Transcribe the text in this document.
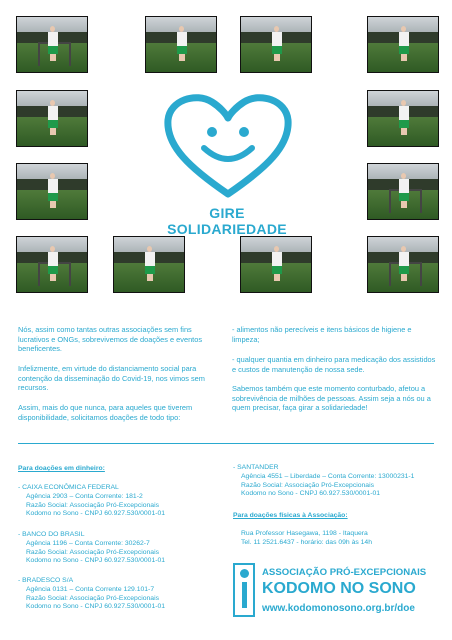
GIRE SOLIDARIEDADE

Nós, assim como tantas outras associações sem fins lucrativos e ONGs, sobrevivemos de doações e eventos beneficentes.

Infelizmente, em virtude do distanciamento social para contenção da disseminação do Covid-19, nos vimos sem recursos.

Assim, mais do que nunca, para aqueles que tiverem disponibilidade, solicitamos doações de todo tipo:

- alimentos não perecíveis e itens básicos de higiene e limpeza;

- qualquer quantia em dinheiro para medicação dos assistidos e custos de manutenção de nossa sede.

Sabemos também que este momento conturbado, afetou a sobrevivência de milhões de pessoas. Assim seja a nós ou a quem precisar, faça girar a solidariedade!

Para doações em dinheiro:
- CAIXA ECONÔMICA FEDERAL
Agência 2903 – Conta Corrente: 181-2
Razão Social: Associação Pró-Excepcionais
Kodomo no Sono - CNPJ 60.927.530/0001-01
- BANCO DO BRASIL
Agência 1196 – Conta Corrente: 30262-7
Razão Social: Associação Pró-Excepcionais
Kodomo no Sono - CNPJ 60.927.530/0001-01
- BRADESCO S/A
Agência 0131 – Conta Corrente 129.101-7
Razão Social: Associação Pró-Excepcionais
Kodomo no Sono - CNPJ 60.927.530/0001-01
- SANTANDER
Agência 4551 – Liberdade – Conta Corrente: 13000231-1
Razão Social: Associação Pró-Excepcionais
Kodomo no Sono - CNPJ 60.927.530/0001-01
Para doações físicas à Associação:
Rua Professor Hasegawa, 1198 - Itaquera
Tel. 11 2521.6437 - horário: das 09h às 14h
ASSOCIAÇÃO PRÓ-EXCEPCIONAIS
KODOMO NO SONO
www.kodomonosono.org.br/doe
